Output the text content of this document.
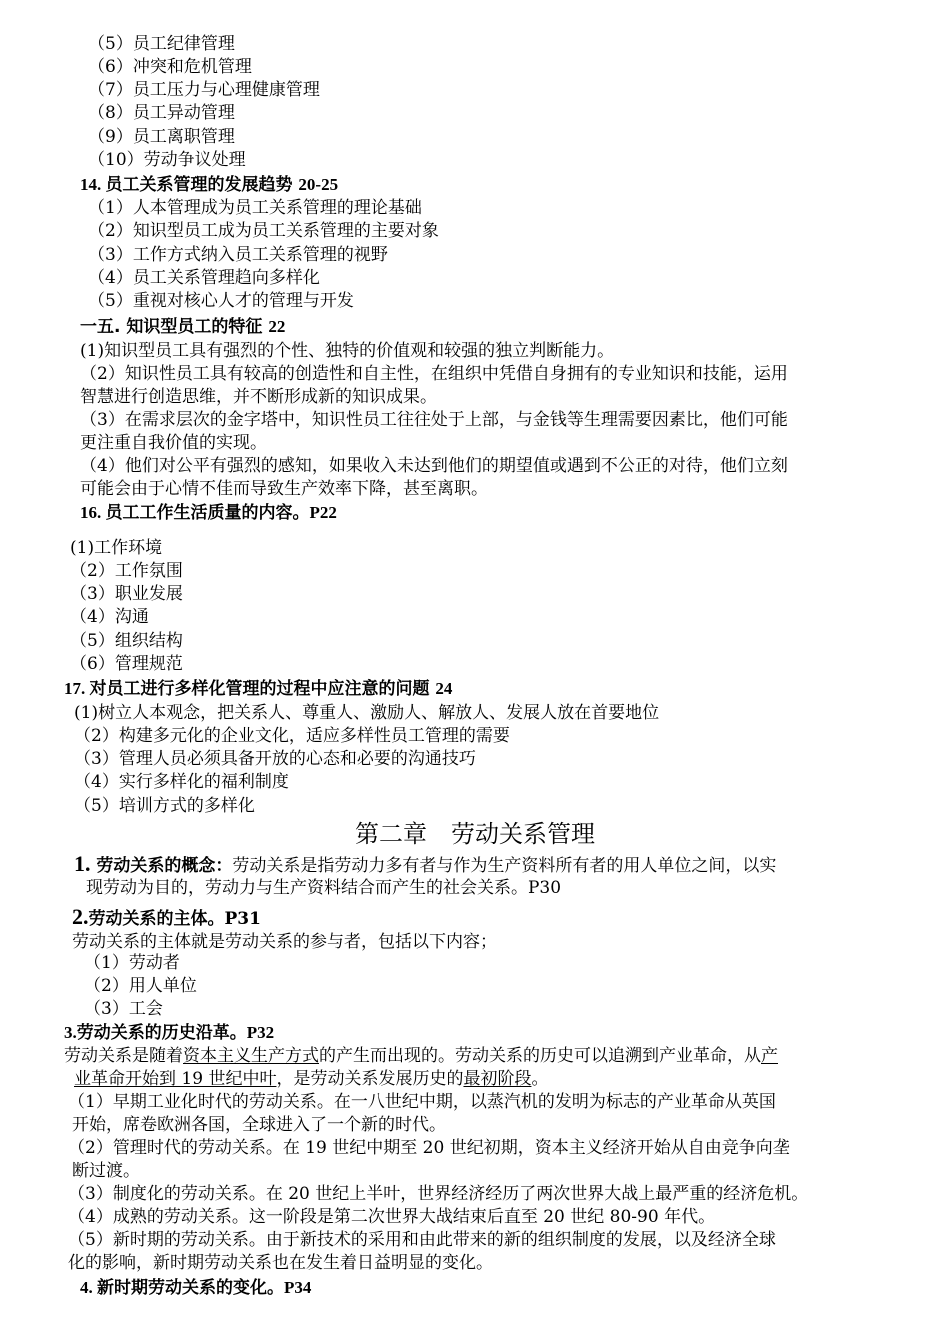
（5）员工纪律管理
（6）冲突和危机管理
（7）员工压力与心理健康管理
（8）员工异动管理
（9）员工离职管理
（10）劳动争议处理
14. 员工关系管理的发展趋势 20-25
（1）人本管理成为员工关系管理的理论基础
（2）知识型员工成为员工关系管理的主要对象
（3）工作方式纳入员工关系管理的视野
（4）员工关系管理趋向多样化
（5）重视对核心人才的管理与开发
一五. 知识型员工的特征 22
(1)知识型员工具有强烈的个性、独特的价值观和较强的独立判断能力。
（2）知识性员工具有较高的创造性和自主性，在组织中凭借自身拥有的专业知识和技能，运用
智慧进行创造思维，并不断形成新的知识成果。
（3）在需求层次的金字塔中，知识性员工往往处于上部，与金钱等生理需要因素比，他们可能
更注重自我价值的实现。
（4）他们对公平有强烈的感知，如果收入未达到他们的期望值或遇到不公正的对待，他们立刻
可能会由于心情不佳而导致生产效率下降，甚至离职。
16. 员工工作生活质量的内容。P22
(1)工作环境
（2）工作氛围
（3）职业发展
（4）沟通
（5）组织结构
（6）管理规范
17. 对员工进行多样化管理的过程中应注意的问题 24
(1)树立人本观念，把关系人、尊重人、激励人、解放人、发展人放在首要地位
（2）构建多元化的企业文化，适应多样性员工管理的需要
（3）管理人员必须具备开放的心态和必要的沟通技巧
（4）实行多样化的福利制度
（5）培训方式的多样化
第二章　劳动关系管理
1. 劳动关系的概念：劳动关系是指劳动力多有者与作为生产资料所有者的用人单位之间，以实
现劳动为目的，劳动力与生产资料结合而产生的社会关系。P30
2.劳动关系的主体。P31
劳动关系的主体就是劳动关系的参与者，包括以下内容；
（1）劳动者
（2）用人单位
（3）工会
3.劳动关系的历史沿革。P32
劳动关系是随着资本主义生产方式的产生而出现的。劳动关系的历史可以追溯到产业革命，从产
业革命开始到 19 世纪中叶，是劳动关系发展历史的最初阶段。
（1）早期工业化时代的劳动关系。在一八世纪中期，以蒸汽机的发明为标志的产业革命从英国
开始，席卷欧洲各国，全球进入了一个新的时代。
（2）管理时代的劳动关系。在 19 世纪中期至 20 世纪初期，资本主义经济开始从自由竞争向垄
断过渡。
（3）制度化的劳动关系。在 20 世纪上半叶，世界经济经历了两次世界大战上最严重的经济危机。
（4）成熟的劳动关系。这一阶段是第二次世界大战结束后直至 20 世纪 80-90 年代。
（5）新时期的劳动关系。由于新技术的采用和由此带来的新的组织制度的发展，以及经济全球
化的影响，新时期劳动关系也在发生着日益明显的变化。
4. 新时期劳动关系的变化。P34
